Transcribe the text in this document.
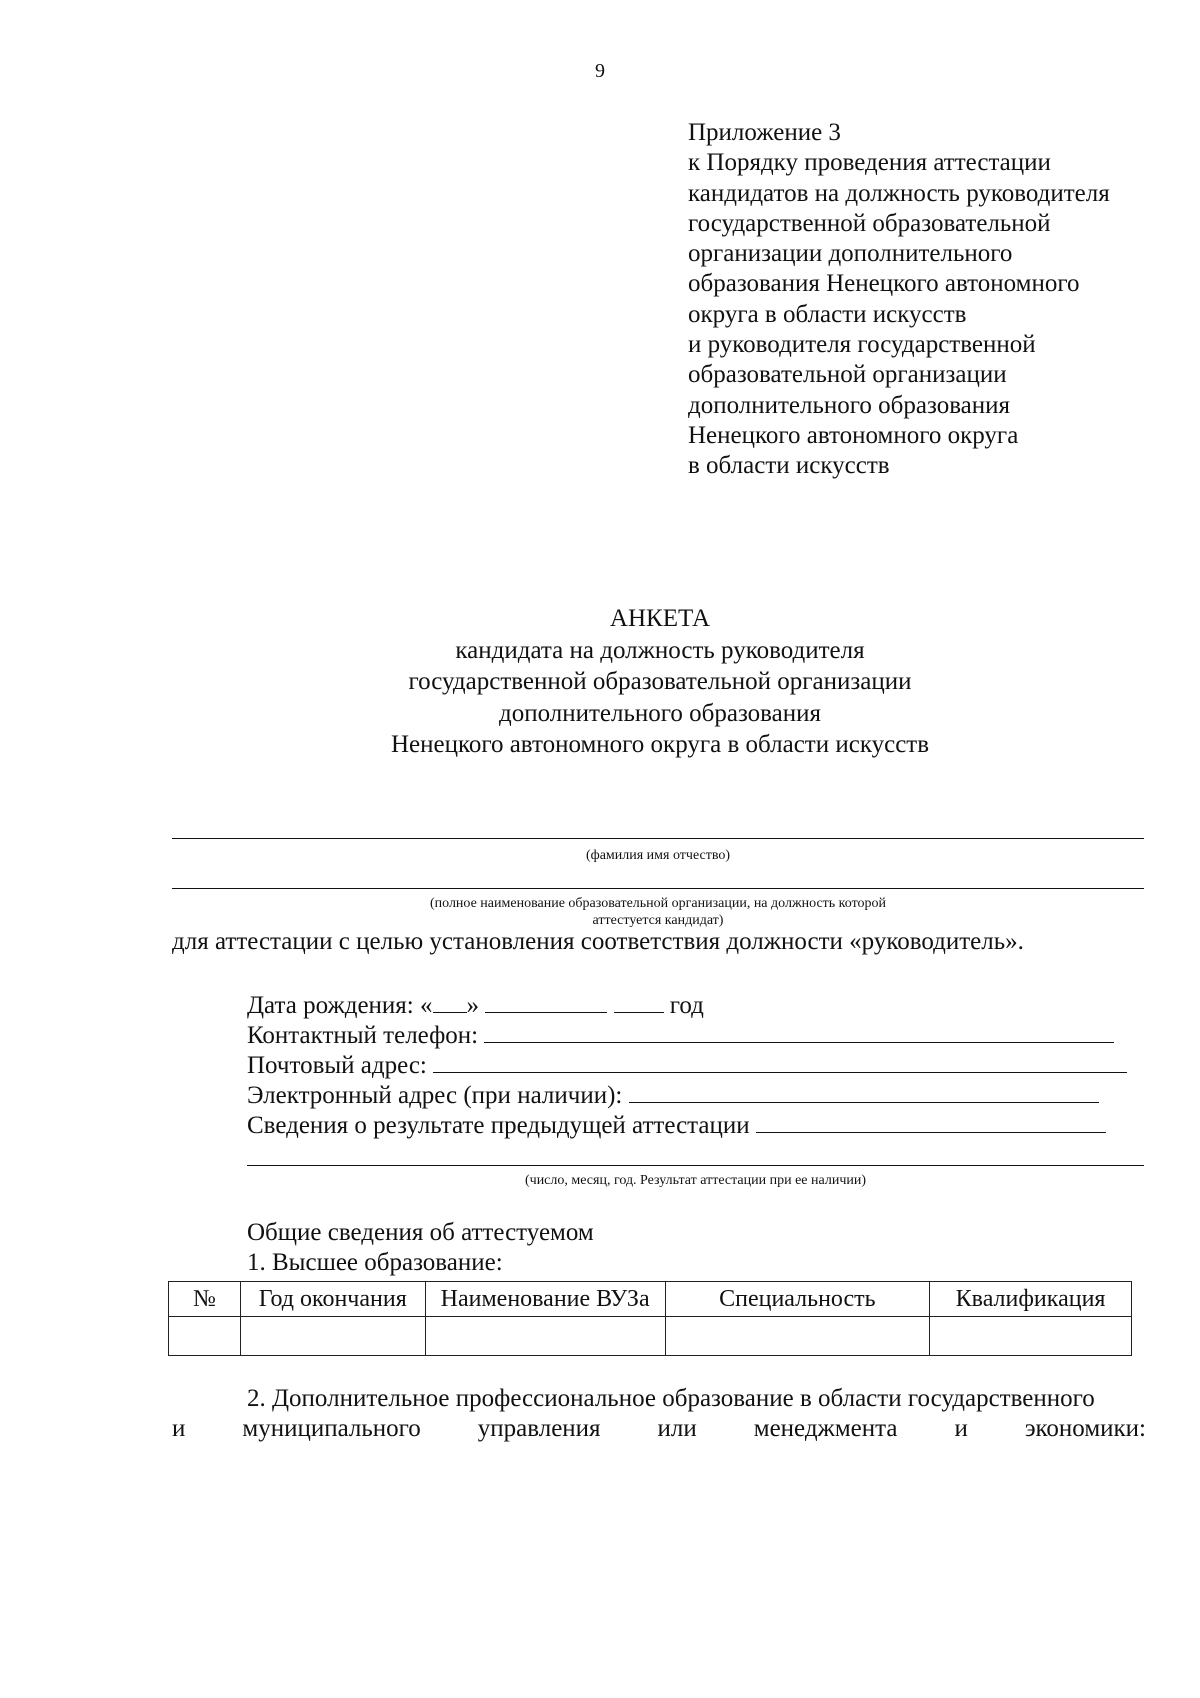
9
Приложение 3
к Порядку проведения аттестации
кандидатов на должность руководителя
государственной образовательной
организации дополнительного
образования Ненецкого автономного
округа в области искусств
и руководителя государственной
образовательной организации
дополнительного образования
Ненецкого автономного округа
в области искусств
АНКЕТА
кандидата на должность руководителя
государственной образовательной организации
дополнительного образования
Ненецкого автономного округа в области искусств
(фамилия имя отчество)
(полное наименование образовательной организации, на должность которой
аттестуется кандидат)
для аттестации с целью установления соответствия должности «руководитель».
Дата рождения: « »	год
Контактный телефон:
Почтовый адрес:
Электронный адрес (при наличии):
Сведения о результате предыдущей аттестации
(число, месяц, год. Результат аттестации при ее наличии)
Общие сведения об аттестуемом
1. Высшее образование:
№	Год окончания	Наименование ВУЗа	Специальность	Квалификация

2. Дополнительное профессиональное образование в области государственного
и муниципального управления или менеджмента и экономики:
